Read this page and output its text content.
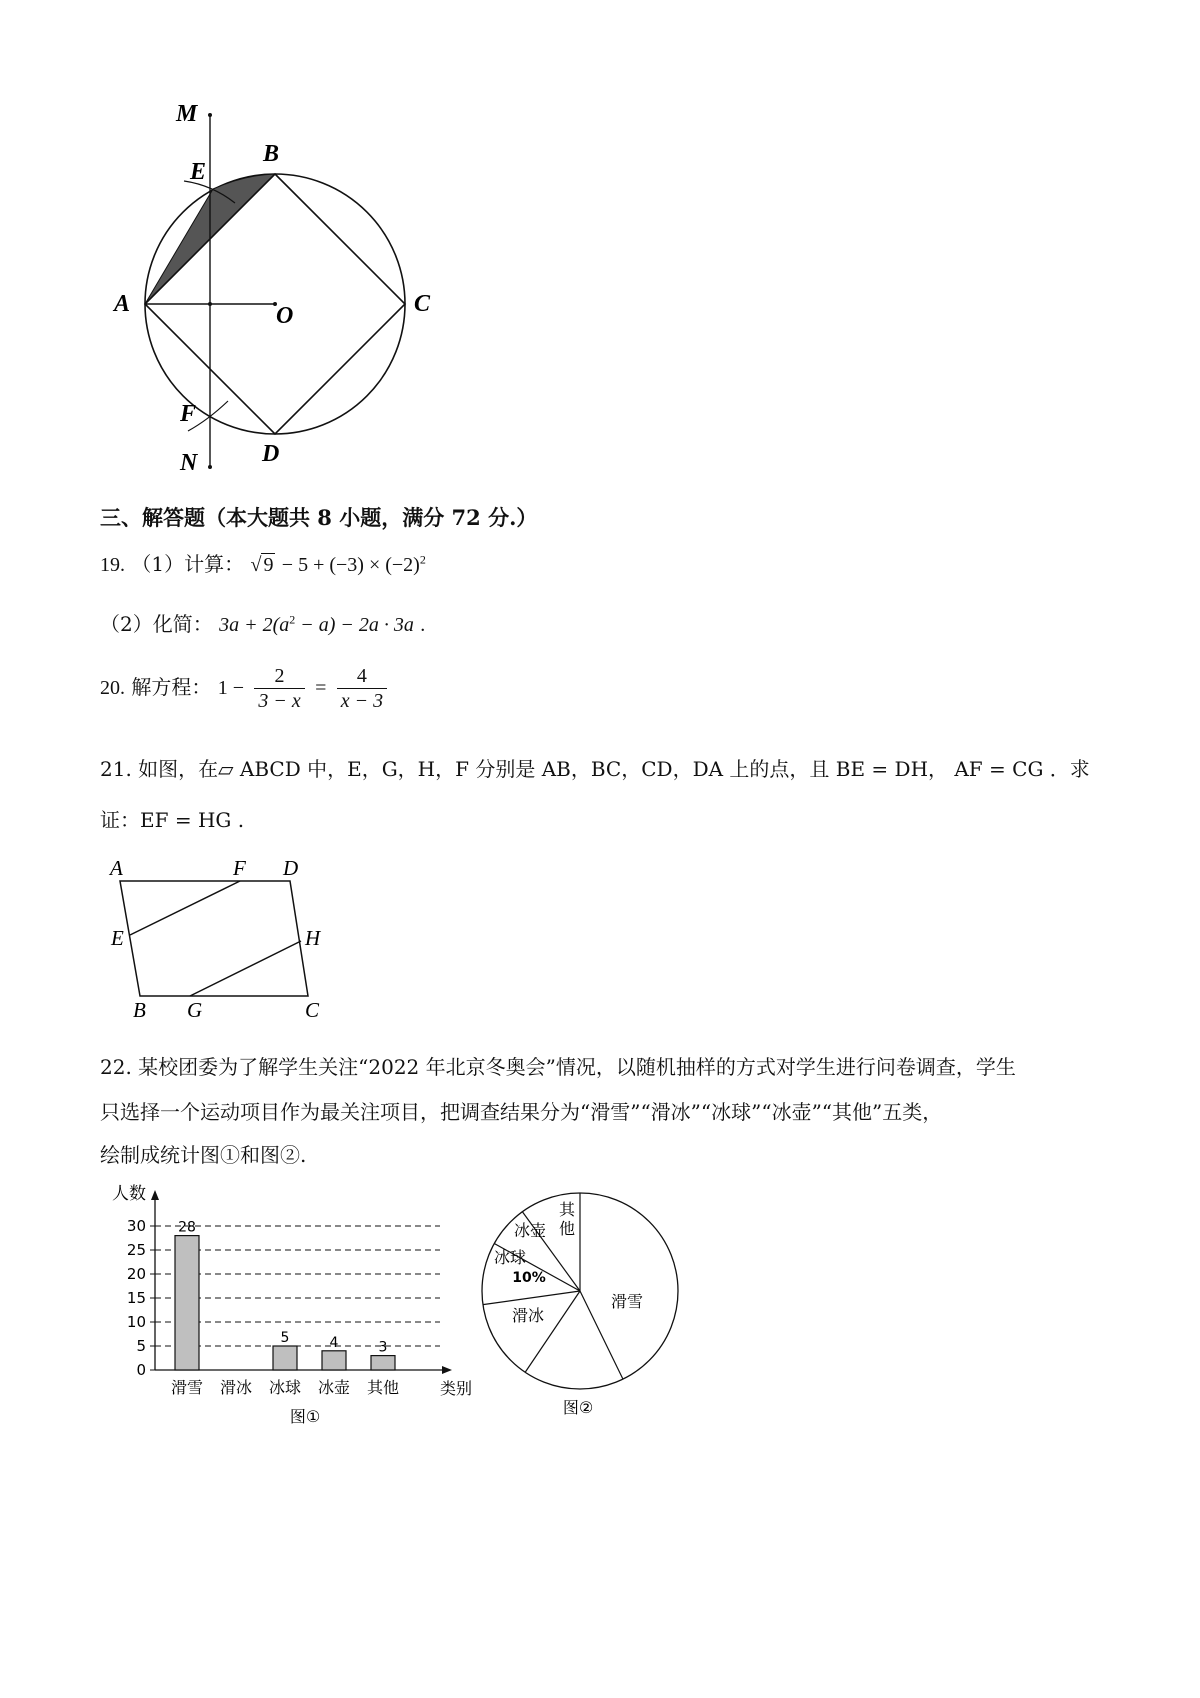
M
B
E
A	O	C
F
N	D
三、解答题（本大题共 8 小题，满分 72 分.）
19. （1）计算： √ $9 - 5 + (-3) \times (-2)^2$
（2）化简： $3a + 2(a^2 - a) - 2a \cdot 3a$ .
20. 解方程： $1 - \frac{2}{3 - x} = \frac{4}{x - 3}$
21. 如图，在▱ ABCD 中，E，G，H，F 分别是 AB，BC，CD，DA 上的点，且 BE = DH， AF = CG ．求
证：EF = HG .
A	F D
E	H
B G	C
22. 某校团委为了解学生关注“2022 年北京冬奥会”情况，以随机抽样的方式对学生进行问卷调查，学生
只选择一个运动项目作为最关注项目，把调查结果分为“滑雪”“滑冰”“冰球”“冰壶”“其他”五类，
绘制成统计图①和图②.
0
5
10
15
20
25
30
人数
类别
28
滑雪 滑冰
5
冰球
4
冰壶
3
其他
图①
其
他
冰壶
冰球
滑冰
滑雪
10%
图②
